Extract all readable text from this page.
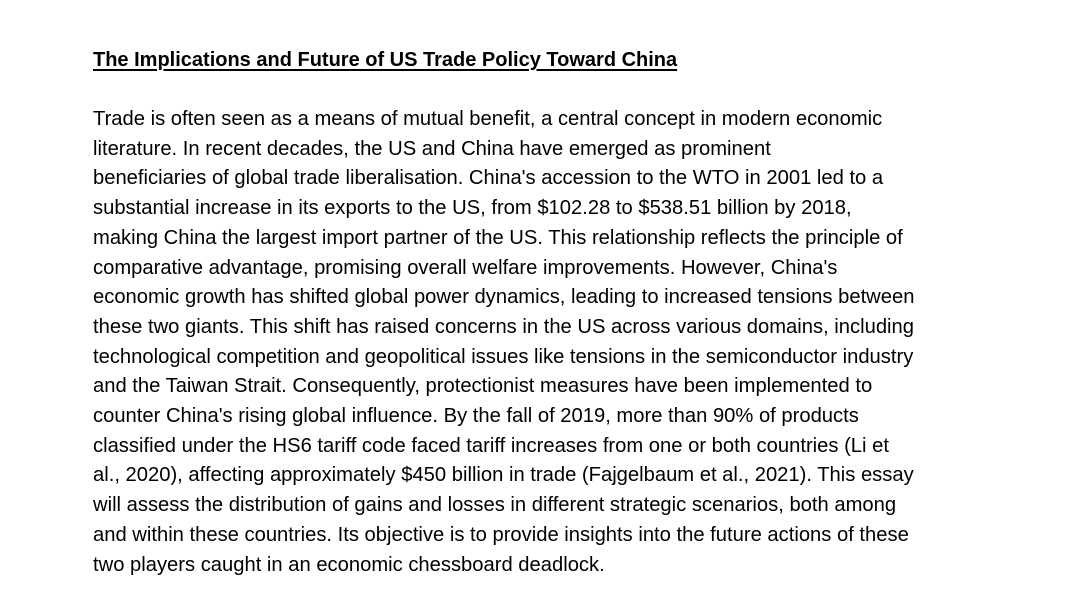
The Implications and Future of US Trade Policy Toward China

Trade is often seen as a means of mutual benefit, a central concept in modern economic
literature. In recent decades, the US and China have emerged as prominent
beneficiaries of global trade liberalisation. China's accession to the WTO in 2001 led to a
substantial increase in its exports to the US, from $102.28 to $538.51 billion by 2018,
making China the largest import partner of the US. This relationship reflects the principle of
comparative advantage, promising overall welfare improvements. However, China's
economic growth has shifted global power dynamics, leading to increased tensions between
these two giants. This shift has raised concerns in the US across various domains, including
technological competition and geopolitical issues like tensions in the semiconductor industry
and the Taiwan Strait. Consequently, protectionist measures have been implemented to
counter China's rising global influence. By the fall of 2019, more than 90% of products
classified under the HS6 tariff code faced tariff increases from one or both countries (Li et
al., 2020), affecting approximately $450 billion in trade (Fajgelbaum et al., 2021). This essay
will assess the distribution of gains and losses in different strategic scenarios, both among
and within these countries. Its objective is to provide insights into the future actions of these
two players caught in an economic chessboard deadlock.
